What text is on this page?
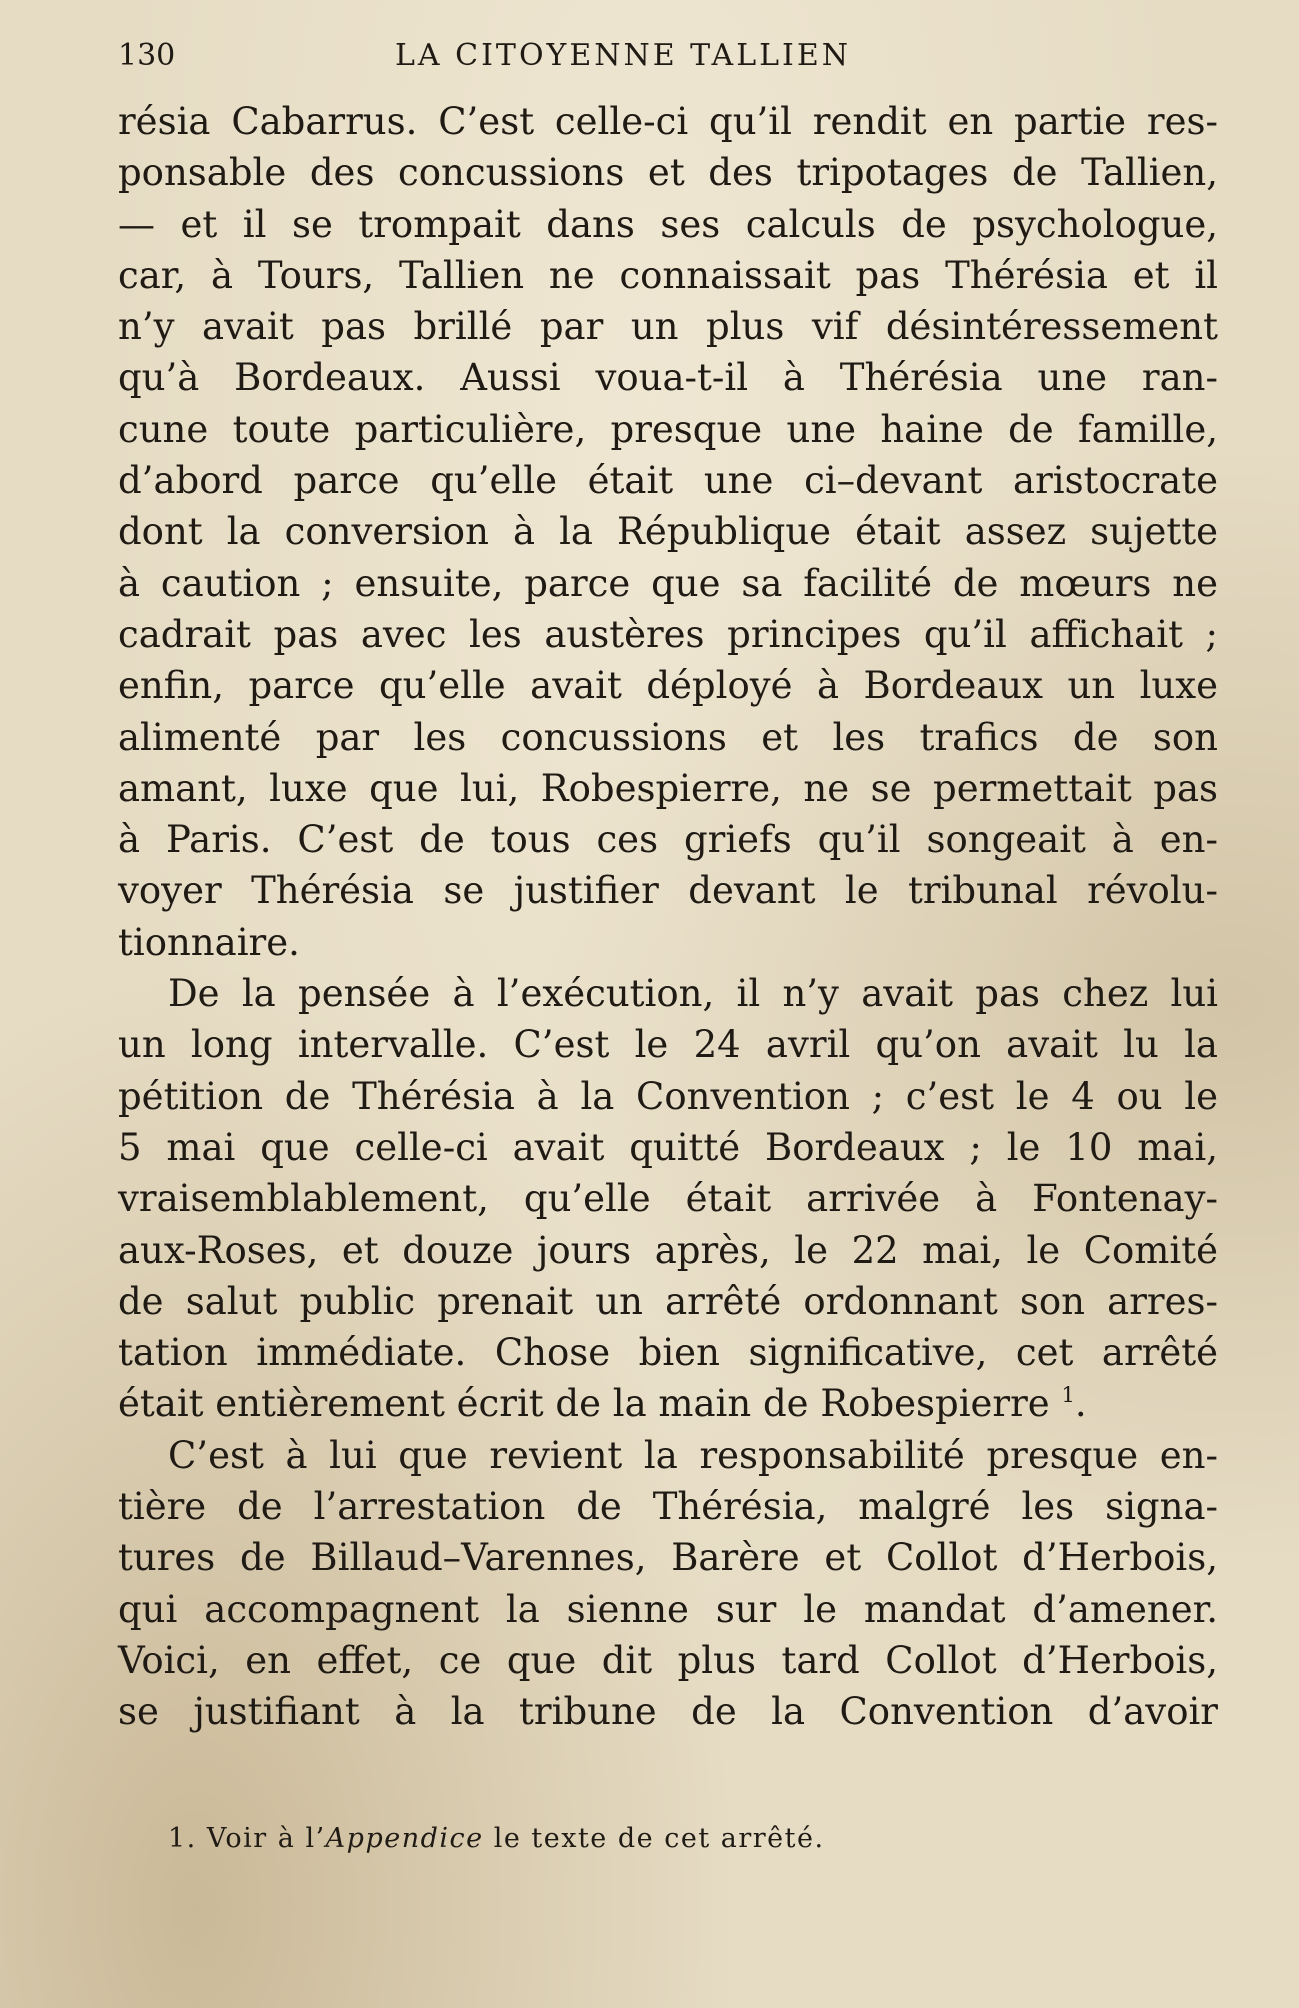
130	LA CITOYENNE TALLIEN
résia Cabarrus. C’est celle-ci qu’il rendit en partie res-
ponsable des concussions et des tripotages de Tallien,
— et il se trompait dans ses calculs de psychologue,
car, à Tours, Tallien ne connaissait pas Thérésia et il
n’y avait pas brillé par un plus vif désintéressement
qu’à Bordeaux. Aussi voua-t-il à Thérésia une ran-
cune toute particulière, presque une haine de famille,
d’abord parce qu’elle était une ci–devant aristocrate
dont la conversion à la République était assez sujette
à caution ; ensuite, parce que sa facilité de mœurs ne
cadrait pas avec les austères principes qu’il affichait ;
enfin, parce qu’elle avait déployé à Bordeaux un luxe
alimenté par les concussions et les trafics de son
amant, luxe que lui, Robespierre, ne se permettait pas
à Paris. C’est de tous ces griefs qu’il songeait à en-
voyer Thérésia se justifier devant le tribunal révolu-
tionnaire.
De la pensée à l’exécution, il n’y avait pas chez lui
un long intervalle. C’est le 24 avril qu’on avait lu la
pétition de Thérésia à la Convention ; c’est le 4 ou le
5 mai que celle-ci avait quitté Bordeaux ; le 10 mai,
vraisemblablement, qu’elle était arrivée à Fontenay-
aux-Roses, et douze jours après, le 22 mai, le Comité
de salut public prenait un arrêté ordonnant son arres-
tation immédiate. Chose bien significative, cet arrêté
était entièrement écrit de la main de Robespierre $^1$.
C’est à lui que revient la responsabilité presque en-
tière de l’arrestation de Thérésia, malgré les signa-
tures de Billaud–Varennes, Barère et Collot d’Herbois,
qui accompagnent la sienne sur le mandat d’amener.
Voici, en effet, ce que dit plus tard Collot d’Herbois,
se justifiant à la tribune de la Convention d’avoir
1. Voir à l’Appendice le texte de cet arrêté.
